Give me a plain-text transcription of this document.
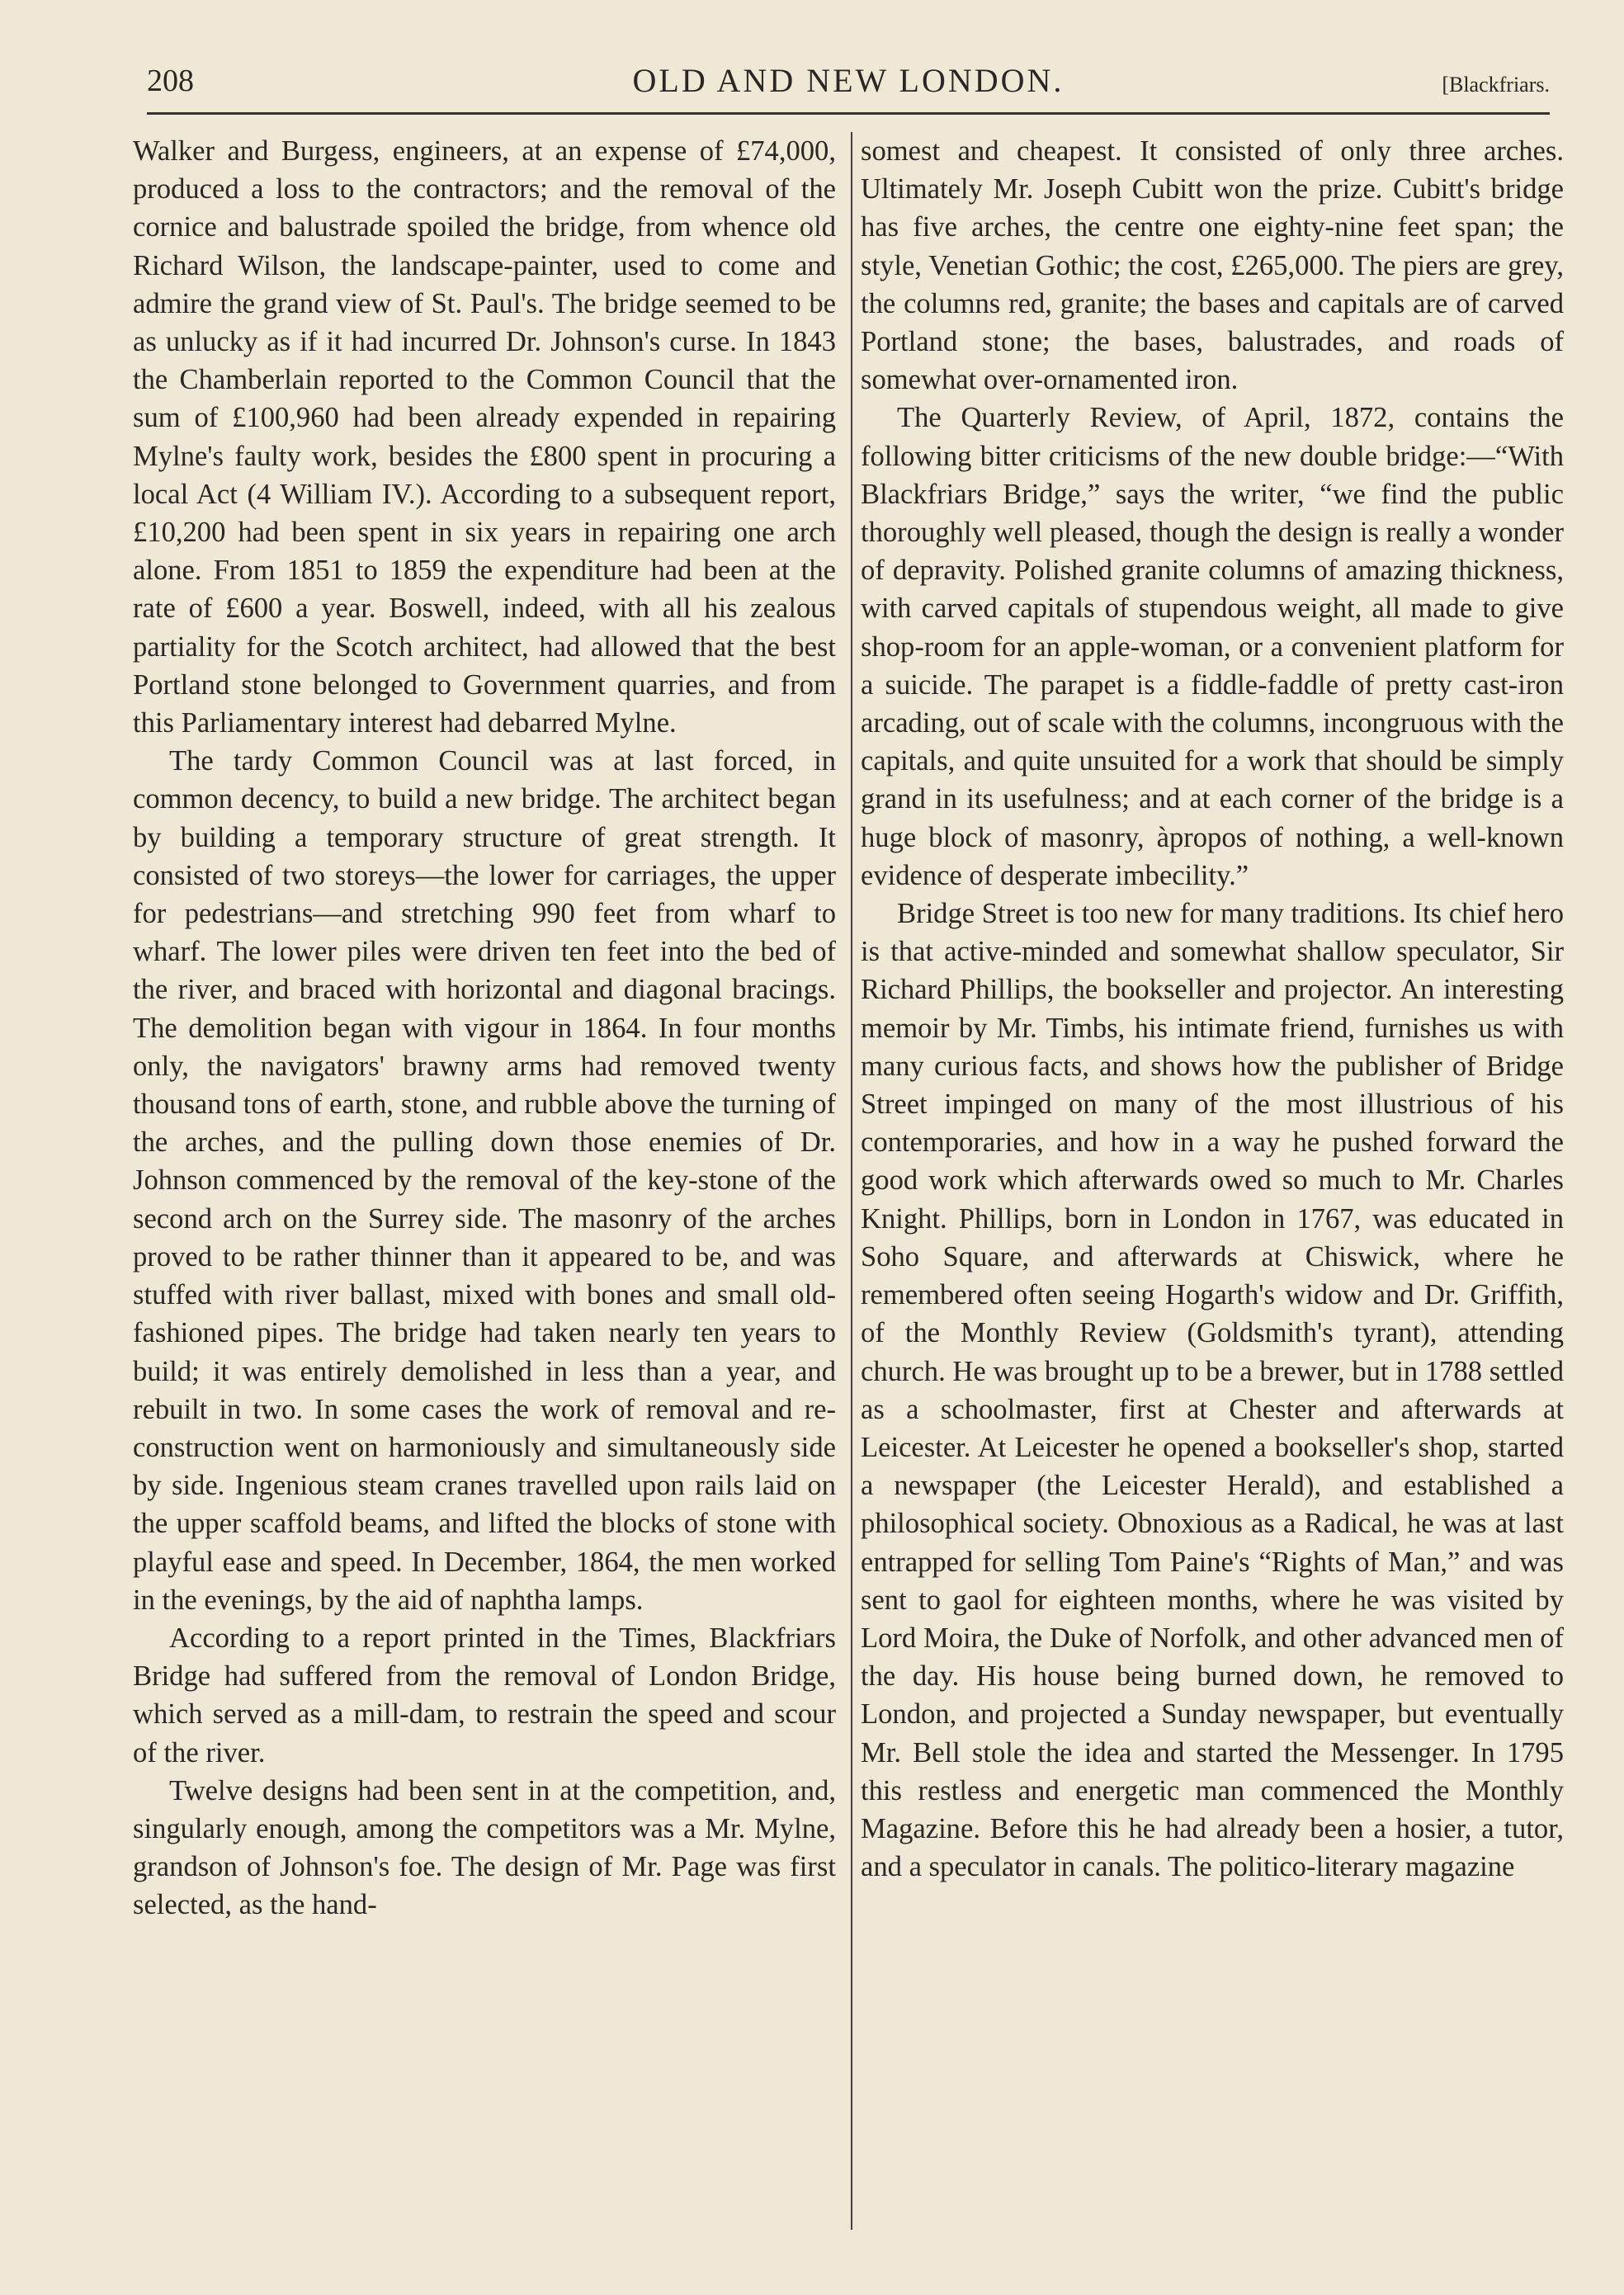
208	OLD AND NEW LONDON.	[Blackfriars.

Walker and Burgess, engineers, at an expense of £74,000, produced a loss to the contractors; and the removal of the cornice and balustrade spoiled the bridge, from whence old Richard Wilson, the landscape-painter, used to come and admire the grand view of St. Paul's. The bridge seemed to be as unlucky as if it had incurred Dr. Johnson's curse. In 1843 the Chamberlain reported to the Common Council that the sum of £100,960 had been already expended in repairing Mylne's faulty work, besides the £800 spent in procuring a local Act (4 William IV.). According to a subsequent report, £10,200 had been spent in six years in repairing one arch alone. From 1851 to 1859 the expenditure had been at the rate of £600 a year. Boswell, indeed, with all his zealous partiality for the Scotch architect, had allowed that the best Portland stone belonged to Government quarries, and from this Parliamentary interest had debarred Mylne.

The tardy Common Council was at last forced, in common decency, to build a new bridge. The architect began by building a temporary structure of great strength. It consisted of two storeys—the lower for carriages, the upper for pedestrians—and stretching 990 feet from wharf to wharf. The lower piles were driven ten feet into the bed of the river, and braced with horizontal and diagonal bracings. The demolition began with vigour in 1864. In four months only, the navigators' brawny arms had removed twenty thousand tons of earth, stone, and rubble above the turning of the arches, and the pulling down those enemies of Dr. Johnson commenced by the removal of the key-stone of the second arch on the Surrey side. The masonry of the arches proved to be rather thinner than it appeared to be, and was stuffed with river ballast, mixed with bones and small old-fashioned pipes. The bridge had taken nearly ten years to build; it was entirely demolished in less than a year, and rebuilt in two. In some cases the work of removal and re-construction went on harmoniously and simultaneously side by side. Ingenious steam cranes travelled upon rails laid on the upper scaffold beams, and lifted the blocks of stone with playful ease and speed. In December, 1864, the men worked in the evenings, by the aid of naphtha lamps.

According to a report printed in the Times, Blackfriars Bridge had suffered from the removal of London Bridge, which served as a mill-dam, to restrain the speed and scour of the river.

Twelve designs had been sent in at the competition, and, singularly enough, among the competitors was a Mr. Mylne, grandson of Johnson's foe. The design of Mr. Page was first selected, as the hand-

somest and cheapest. It consisted of only three arches. Ultimately Mr. Joseph Cubitt won the prize. Cubitt's bridge has five arches, the centre one eighty-nine feet span; the style, Venetian Gothic; the cost, £265,000. The piers are grey, the columns red, granite; the bases and capitals are of carved Portland stone; the bases, balustrades, and roads of somewhat over-ornamented iron.

The Quarterly Review, of April, 1872, contains the following bitter criticisms of the new double bridge:—“With Blackfriars Bridge,” says the writer, “we find the public thoroughly well pleased, though the design is really a wonder of depravity. Polished granite columns of amazing thickness, with carved capitals of stupendous weight, all made to give shop-room for an apple-woman, or a convenient platform for a suicide. The parapet is a fiddle-faddle of pretty cast-iron arcading, out of scale with the columns, incongruous with the capitals, and quite unsuited for a work that should be simply grand in its usefulness; and at each corner of the bridge is a huge block of masonry, àpropos of nothing, a well-known evidence of desperate imbecility.”

Bridge Street is too new for many traditions. Its chief hero is that active-minded and somewhat shallow speculator, Sir Richard Phillips, the bookseller and projector. An interesting memoir by Mr. Timbs, his intimate friend, furnishes us with many curious facts, and shows how the publisher of Bridge Street impinged on many of the most illustrious of his contemporaries, and how in a way he pushed forward the good work which afterwards owed so much to Mr. Charles Knight. Phillips, born in London in 1767, was educated in Soho Square, and afterwards at Chiswick, where he remembered often seeing Hogarth's widow and Dr. Griffith, of the Monthly Review (Goldsmith's tyrant), attending church. He was brought up to be a brewer, but in 1788 settled as a schoolmaster, first at Chester and afterwards at Leicester. At Leicester he opened a bookseller's shop, started a newspaper (the Leicester Herald), and established a philosophical society. Obnoxious as a Radical, he was at last entrapped for selling Tom Paine's “Rights of Man,” and was sent to gaol for eighteen months, where he was visited by Lord Moira, the Duke of Norfolk, and other advanced men of the day. His house being burned down, he removed to London, and projected a Sunday newspaper, but eventually Mr. Bell stole the idea and started the Messenger. In 1795 this restless and energetic man commenced the Monthly Magazine. Before this he had already been a hosier, a tutor, and a speculator in canals. The politico-literary magazine
